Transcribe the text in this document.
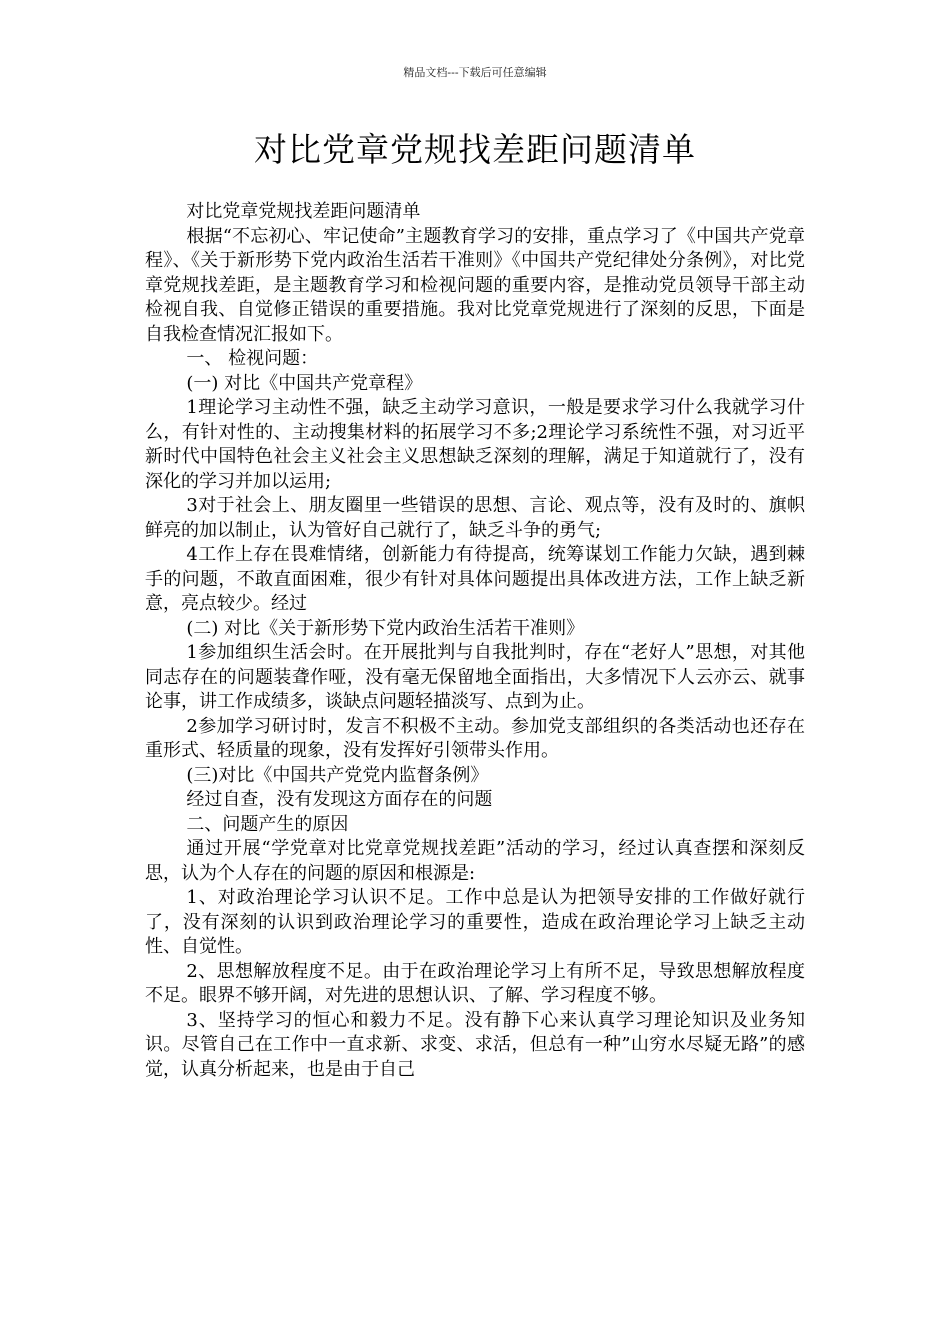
精品文档---下载后可任意编辑
对比党章党规找差距问题清单

对比党章党规找差距问题清单

根据“不忘初心、牢记使命”主题教育学习的安排，重点学习了《中国共产党章程》、《关于新形势下党内政治生活若干准则》《中国共产党纪律处分条例》，对比党章党规找差距，是主题教育学习和检视问题的重要内容，是推动党员领导干部主动检视自我、自觉修正错误的重要措施。我对比党章党规进行了深刻的反思，下面是自我检查情况汇报如下。

一、 检视问题：

(一) 对比《中国共产党章程》

1理论学习主动性不强，缺乏主动学习意识，一般是要求学习什么我就学习什么，有针对性的、主动搜集材料的拓展学习不多;2理论学习系统性不强，对习近平新时代中国特色社会主义社会主义思想缺乏深刻的理解，满足于知道就行了，没有深化的学习并加以运用;

3对于社会上、朋友圈里一些错误的思想、言论、观点等，没有及时的、旗帜鲜亮的加以制止，认为管好自己就行了，缺乏斗争的勇气;

4工作上存在畏难情绪，创新能力有待提高，统筹谋划工作能力欠缺，遇到棘手的问题，不敢直面困难，很少有针对具体问题提出具体改进方法，工作上缺乏新意，亮点较少。经过

(二) 对比《关于新形势下党内政治生活若干准则》

1参加组织生活会时。在开展批判与自我批判时，存在“老好人”思想，对其他同志存在的问题装聋作哑，没有毫无保留地全面指出，大多情况下人云亦云、就事论事，讲工作成绩多，谈缺点问题轻描淡写、点到为止。

2参加学习研讨时，发言不积极不主动。参加党支部组织的各类活动也还存在重形式、轻质量的现象，没有发挥好引领带头作用。

(三)对比《中国共产党党内监督条例》

经过自查，没有发现这方面存在的问题

二、问题产生的原因

通过开展“学党章对比党章党规找差距”活动的学习，经过认真查摆和深刻反思，认为个人存在的问题的原因和根源是:

1、对政治理论学习认识不足。工作中总是认为把领导安排的工作做好就行了，没有深刻的认识到政治理论学习的重要性，造成在政治理论学习上缺乏主动性、自觉性。

2、思想解放程度不足。由于在政治理论学习上有所不足，导致思想解放程度不足。眼界不够开阔，对先进的思想认识、了解、学习程度不够。

3、坚持学习的恒心和毅力不足。没有静下心来认真学习理论知识及业务知识。尽管自己在工作中一直求新、求变、求活，但总有一种”山穷水尽疑无路”的感觉，认真分析起来，也是由于自己
